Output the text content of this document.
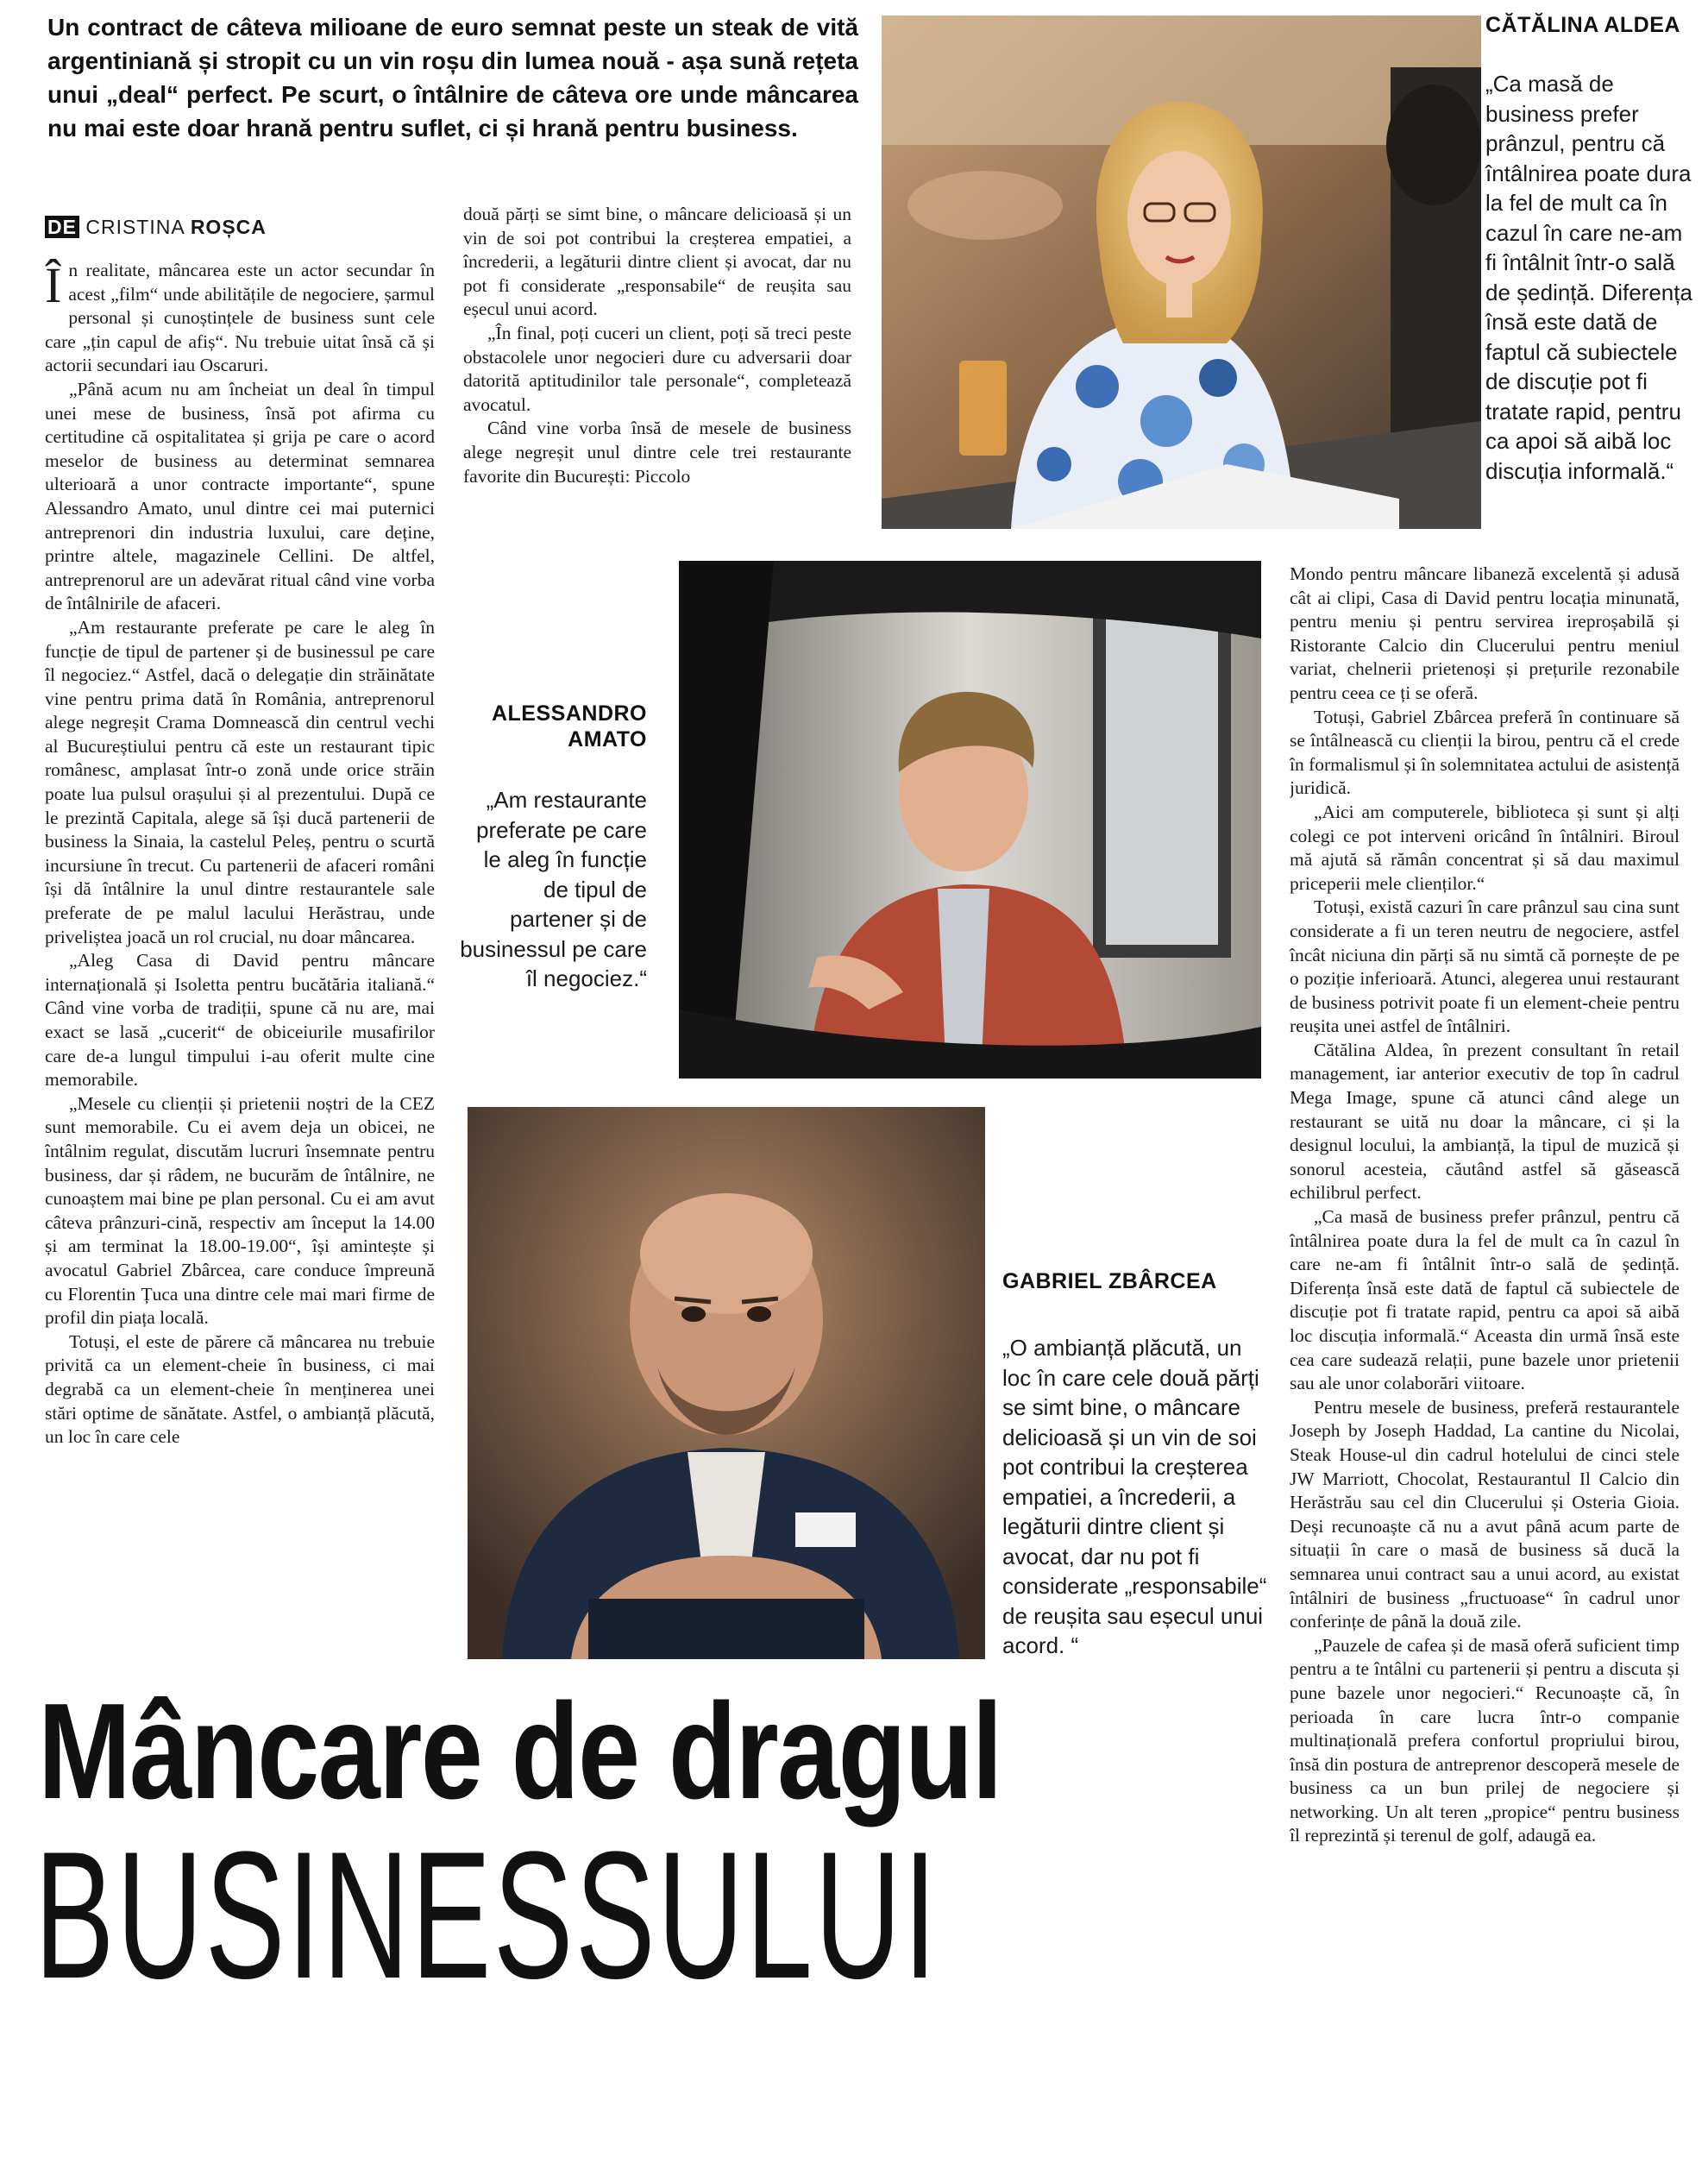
Un contract de câteva milioane de euro semnat peste un steak de vită argentiniană și stropit cu un vin roșu din lumea nouă - așa sună rețeta unui „deal“ perfect. Pe scurt, o întâlnire de câteva ore unde mâncarea nu mai este doar hrană pentru suflet, ci și hrană pentru business.
DE CRISTINA ROȘCA

În realitate, mâncarea este un actor secundar în acest „film“ unde abilitățile de negociere, șarmul personal și cunoștințele de business sunt cele care „țin capul de afiș“. Nu trebuie uitat însă că și actorii secundari iau Oscaruri.

„Până acum nu am încheiat un deal în timpul unei mese de business, însă pot afirma cu certitudine că ospitalitatea și grija pe care o acord meselor de business au determinat semnarea ulterioară a unor contracte importante“, spune Alessandro Amato, unul dintre cei mai puternici antreprenori din industria luxului, care deține, printre altele, magazinele Cellini. De altfel, antreprenorul are un adevărat ritual când vine vorba de întâlnirile de afaceri.

„Am restaurante preferate pe care le aleg în funcție de tipul de partener și de businessul pe care îl negociez.“ Astfel, dacă o delegație din străinătate vine pentru prima dată în România, antreprenorul alege negreșit Crama Domnească din centrul vechi al Bucureștiului pentru că este un restaurant tipic românesc, amplasat într-o zonă unde orice străin poate lua pulsul orașului și al prezentului. După ce le prezintă Capitala, alege să își ducă partenerii de business la Sinaia, la castelul Peleș, pentru o scurtă incursiune în trecut. Cu partenerii de afaceri români își dă întâlnire la unul dintre restaurantele sale preferate de pe malul lacului Herăstrau, unde priveliștea joacă un rol crucial, nu doar mâncarea.

„Aleg Casa di David pentru mâncare internațională și Isoletta pentru bucătăria italiană.“ Când vine vorba de tradiții, spune că nu are, mai exact se lasă „cucerit“ de obiceiurile musafirilor care de-a lungul timpului i-au oferit multe cine memorabile.

„Mesele cu clienții și prietenii noștri de la CEZ sunt memorabile. Cu ei avem deja un obicei, ne întâlnim regulat, discutăm lucruri însemnate pentru business, dar și râdem, ne bucurăm de întâlnire, ne cunoaștem mai bine pe plan personal. Cu ei am avut câteva prânzuri-cină, respectiv am început la 14.00 și am terminat la 18.00-19.00“, își amintește și avocatul Gabriel Zbârcea, care conduce împreună cu Florentin Țuca una dintre cele mai mari firme de profil din piața locală.

Totuși, el este de părere că mâncarea nu trebuie privită ca un element-cheie în business, ci mai degrabă ca un element-cheie în menținerea unei stări optime de sănătate. Astfel, o ambianță plăcută, un loc în care cele

două părți se simt bine, o mâncare delicioasă și un vin de soi pot contribui la creșterea empatiei, a încrederii, a legăturii dintre client și avocat, dar nu pot fi considerate „responsabile“ de reușita sau eșecul unui acord.

„În final, poți cuceri un client, poți să treci peste obstacolele unor negocieri dure cu adversarii doar datorită aptitudinilor tale personale“, completează avocatul.

Când vine vorba însă de mesele de business alege negreșit unul dintre cele trei restaurante favorite din București: Piccolo

Mondo pentru mâncare libaneză excelentă și adusă cât ai clipi, Casa di David pentru locația minunată, pentru meniu și pentru servirea ireproșabilă și Ristorante Calcio din Clucerului pentru meniul variat, chelnerii prietenoși și prețurile rezonabile pentru ceea ce ți se oferă.

Totuși, Gabriel Zbârcea preferă în continuare să se întâlnească cu clienții la birou, pentru că el crede în formalismul și în solemnitatea actului de asistență juridică.

„Aici am computerele, biblioteca și sunt și alți colegi ce pot interveni oricând în întâlniri. Biroul mă ajută să rămân concentrat și să dau maximul priceperii mele clienților.“

Totuși, există cazuri în care prânzul sau cina sunt considerate a fi un teren neutru de negociere, astfel încât niciuna din părți să nu simtă că pornește de pe o poziție inferioară. Atunci, alegerea unui restaurant de business potrivit poate fi un element-cheie pentru reușita unei astfel de întâlniri.

Cătălina Aldea, în prezent consultant în retail management, iar anterior executiv de top în cadrul Mega Image, spune că atunci când alege un restaurant se uită nu doar la mâncare, ci și la designul locului, la ambianță, la tipul de muzică și sonorul acesteia, căutând astfel să găsească echilibrul perfect.

„Ca masă de business prefer prânzul, pentru că întâlnirea poate dura la fel de mult ca în cazul în care ne-am fi întâlnit într-o sală de ședință. Diferența însă este dată de faptul că subiectele de discuție pot fi tratate rapid, pentru ca apoi să aibă loc discuția informală.“ Aceasta din urmă însă este cea care sudează relații, pune bazele unor prietenii sau ale unor colaborări viitoare.

Pentru mesele de business, preferă restaurantele Joseph by Joseph Haddad, La cantine du Nicolai, Steak House-ul din cadrul hotelului de cinci stele JW Marriott, Chocolat, Restaurantul Il Calcio din Herăstrău sau cel din Clucerului și Osteria Gioia. Deși recunoaște că nu a avut până acum parte de situații în care o masă de business să ducă la semnarea unui contract sau a unui acord, au existat întâlniri de business „fructuoase“ în cadrul unor conferințe de până la două zile.

„Pauzele de cafea și de masă oferă suficient timp pentru a te întâlni cu partenerii și pentru a discuta și pune bazele unor negocieri.“ Recunoaște că, în perioada în care lucra într-o companie multinațională prefera confortul propriului birou, însă din postura de antreprenor descoperă mesele de business ca un bun prilej de negociere și networking. Un alt teren „propice“ pentru business îl reprezintă și terenul de golf, adaugă ea.

CĂTĂLINA ALDEA
„Ca masă de business prefer prânzul, pentru că întâlnirea poate dura la fel de mult ca în cazul în care ne-am fi întâlnit într-o sală de ședință. Diferența însă este dată de faptul că subiectele de discuție pot fi tratate rapid, pentru ca apoi să aibă loc discuția informală.“
ALESSANDRO AMATO
„Am restaurante preferate pe care le aleg în funcție de tipul de partener și de businessul pe care îl negociez.“
GABRIEL ZBÂRCEA
„O ambianță plăcută, un loc în care cele două părți se simt bine, o mâncare delicioasă și un vin de soi pot contribui la creșterea empatiei, a încrederii, a legăturii dintre client și avocat, dar nu pot fi considerate „responsabile“ de reușita sau eșecul unui acord. “
Mâncare de dragul
BUSINESSULUI
